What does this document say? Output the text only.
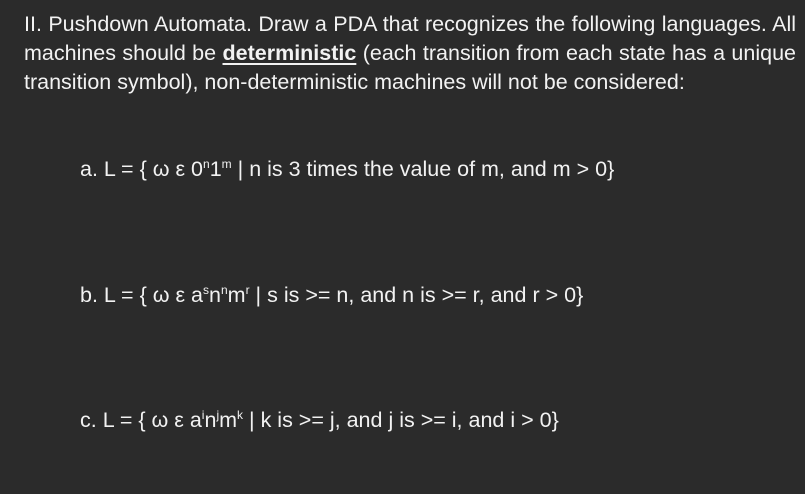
II. Pushdown Automata. Draw a PDA that recognizes the following languages. All machines should be deterministic (each transition from each state has a unique transition symbol), non-deterministic machines will not be considered:

a. L = { ω ε 0$^n$1$^m$ | n is 3 times the value of m, and m > 0}

b. L = { ω ε $a^sn^nm^r$ | s is >= n, and n is >= r, and r > 0}

c. L = { ω ε $a^in^jm^k$ | k is >= j, and j is >= i, and i > 0}
